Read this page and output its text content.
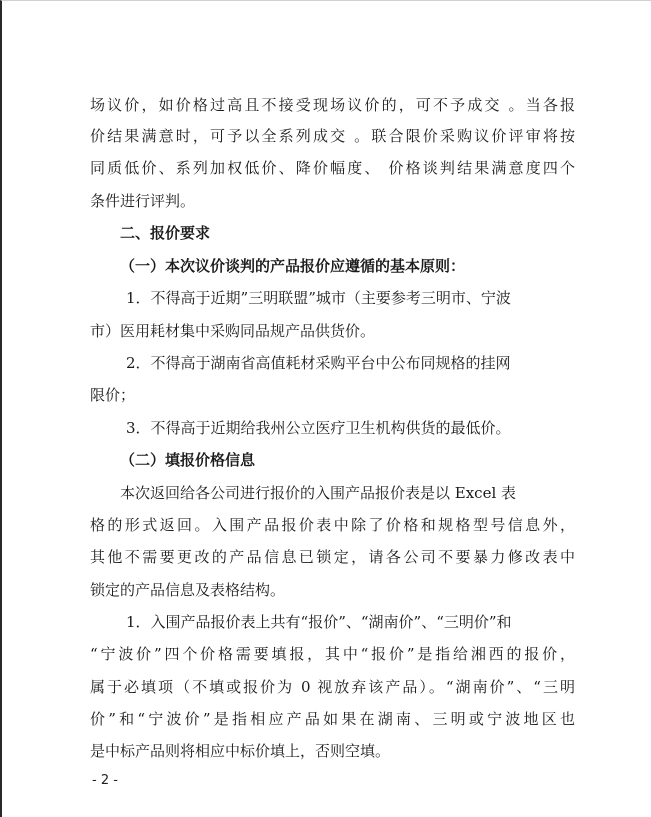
场议价，如价格过高且不接受现场议价的，可不予成交 。当各报
价结果满意时，可予以全系列成交 。联合限价采购议价评审将按
同质低价、系列加权低价、降价幅度、 价格谈判结果满意度四个
条件进行评判。
二、报价要求
（一）本次议价谈判的产品报价应遵循的基本原则：
1．不得高于近期”三明联盟”城市（主要参考三明市、宁波
市）医用耗材集中采购同品规产品供货价。
2．不得高于湖南省高值耗材采购平台中公布同规格的挂网
限价；
3．不得高于近期给我州公立医疗卫生机构供货的最低价。
（二）填报价格信息
本次返回给各公司进行报价的入围产品报价表是以 Excel 表
格的形式返回。入围产品报价表中除了价格和规格型号信息外，
其他不需要更改的产品信息已锁定，请各公司不要暴力修改表中
锁定的产品信息及表格结构。
1．入围产品报价表上共有“报价”、“湖南价”、“三明价”和
“宁波价”四个价格需要填报，其中“报价”是指给湘西的报价，
属于必填项（不填或报价为 0 视放弃该产品）。“湖南价”、“三明
价”和“宁波价”是指相应产品如果在湖南、三明或宁波地区也
是中标产品则将相应中标价填上，否则空填。
- 2 -
